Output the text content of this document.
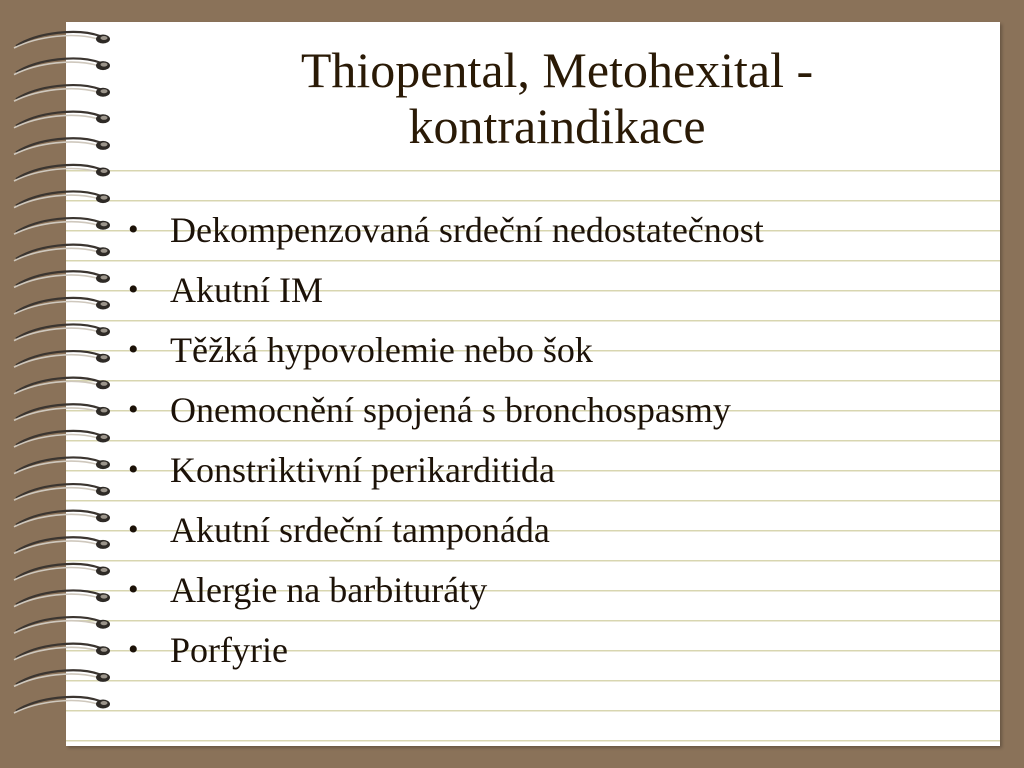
Thiopental, Metohexital -
kontraindikace
• Dekompenzovaná srdeční nedostatečnost
• Akutní IM
• Těžká hypovolemie nebo šok
• Onemocnění spojená s bronchospasmy
• Konstriktivní perikarditida
• Akutní srdeční tamponáda
• Alergie na barbituráty
• Porfyrie
